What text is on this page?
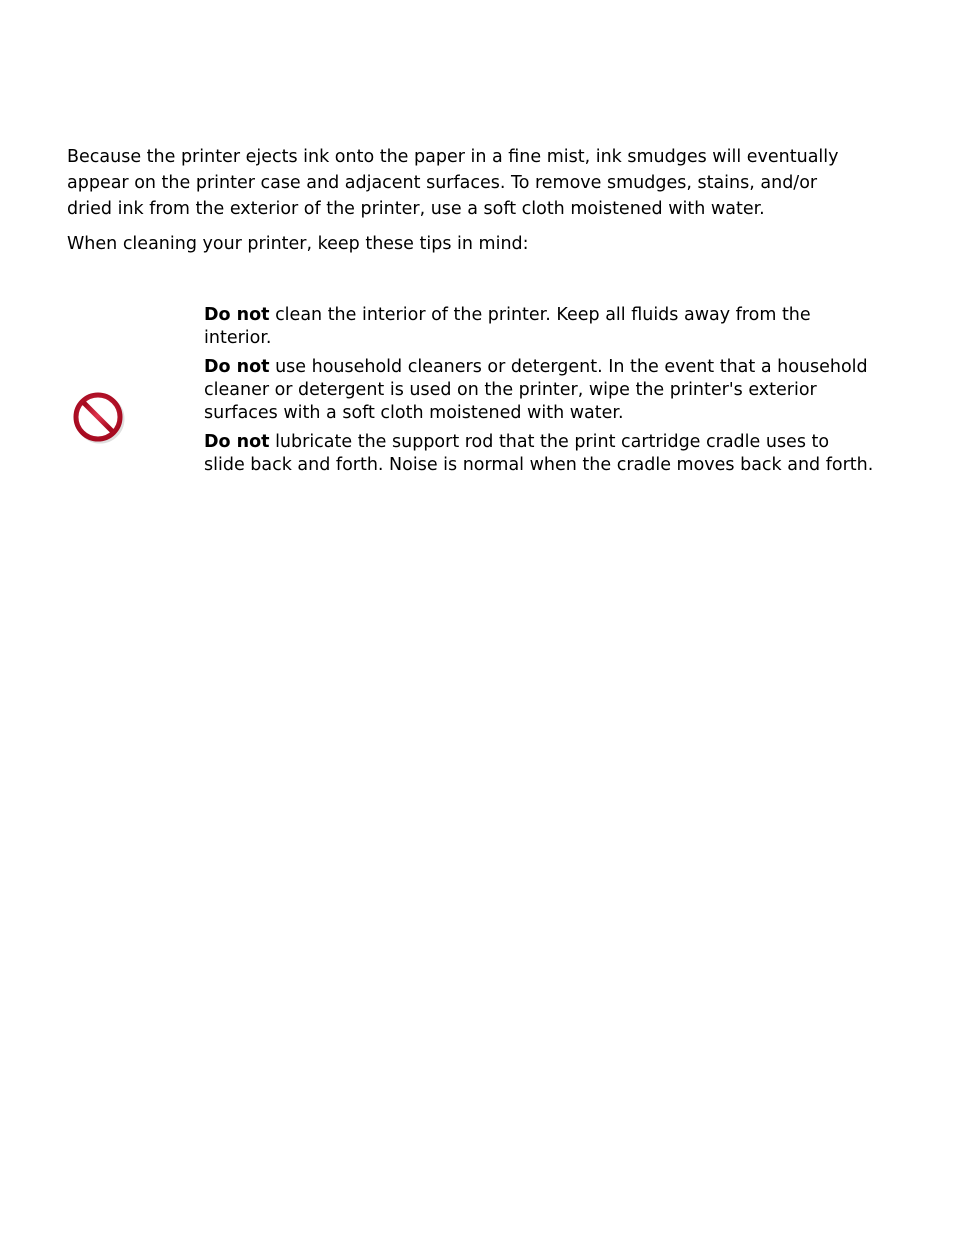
Because the printer ejects ink onto the paper in a fine mist, ink smudges will eventually appear on the printer case and adjacent surfaces. To remove smudges, stains, and/or dried ink from the exterior of the printer, use a soft cloth moistened with water.

When cleaning your printer, keep these tips in mind:

Do not clean the interior of the printer. Keep all fluids away from the interior.

Do not use household cleaners or detergent. In the event that a household cleaner or detergent is used on the printer, wipe the printer's exterior surfaces with a soft cloth moistened with water.

Do not lubricate the support rod that the print cartridge cradle uses to slide back and forth. Noise is normal when the cradle moves back and forth.
